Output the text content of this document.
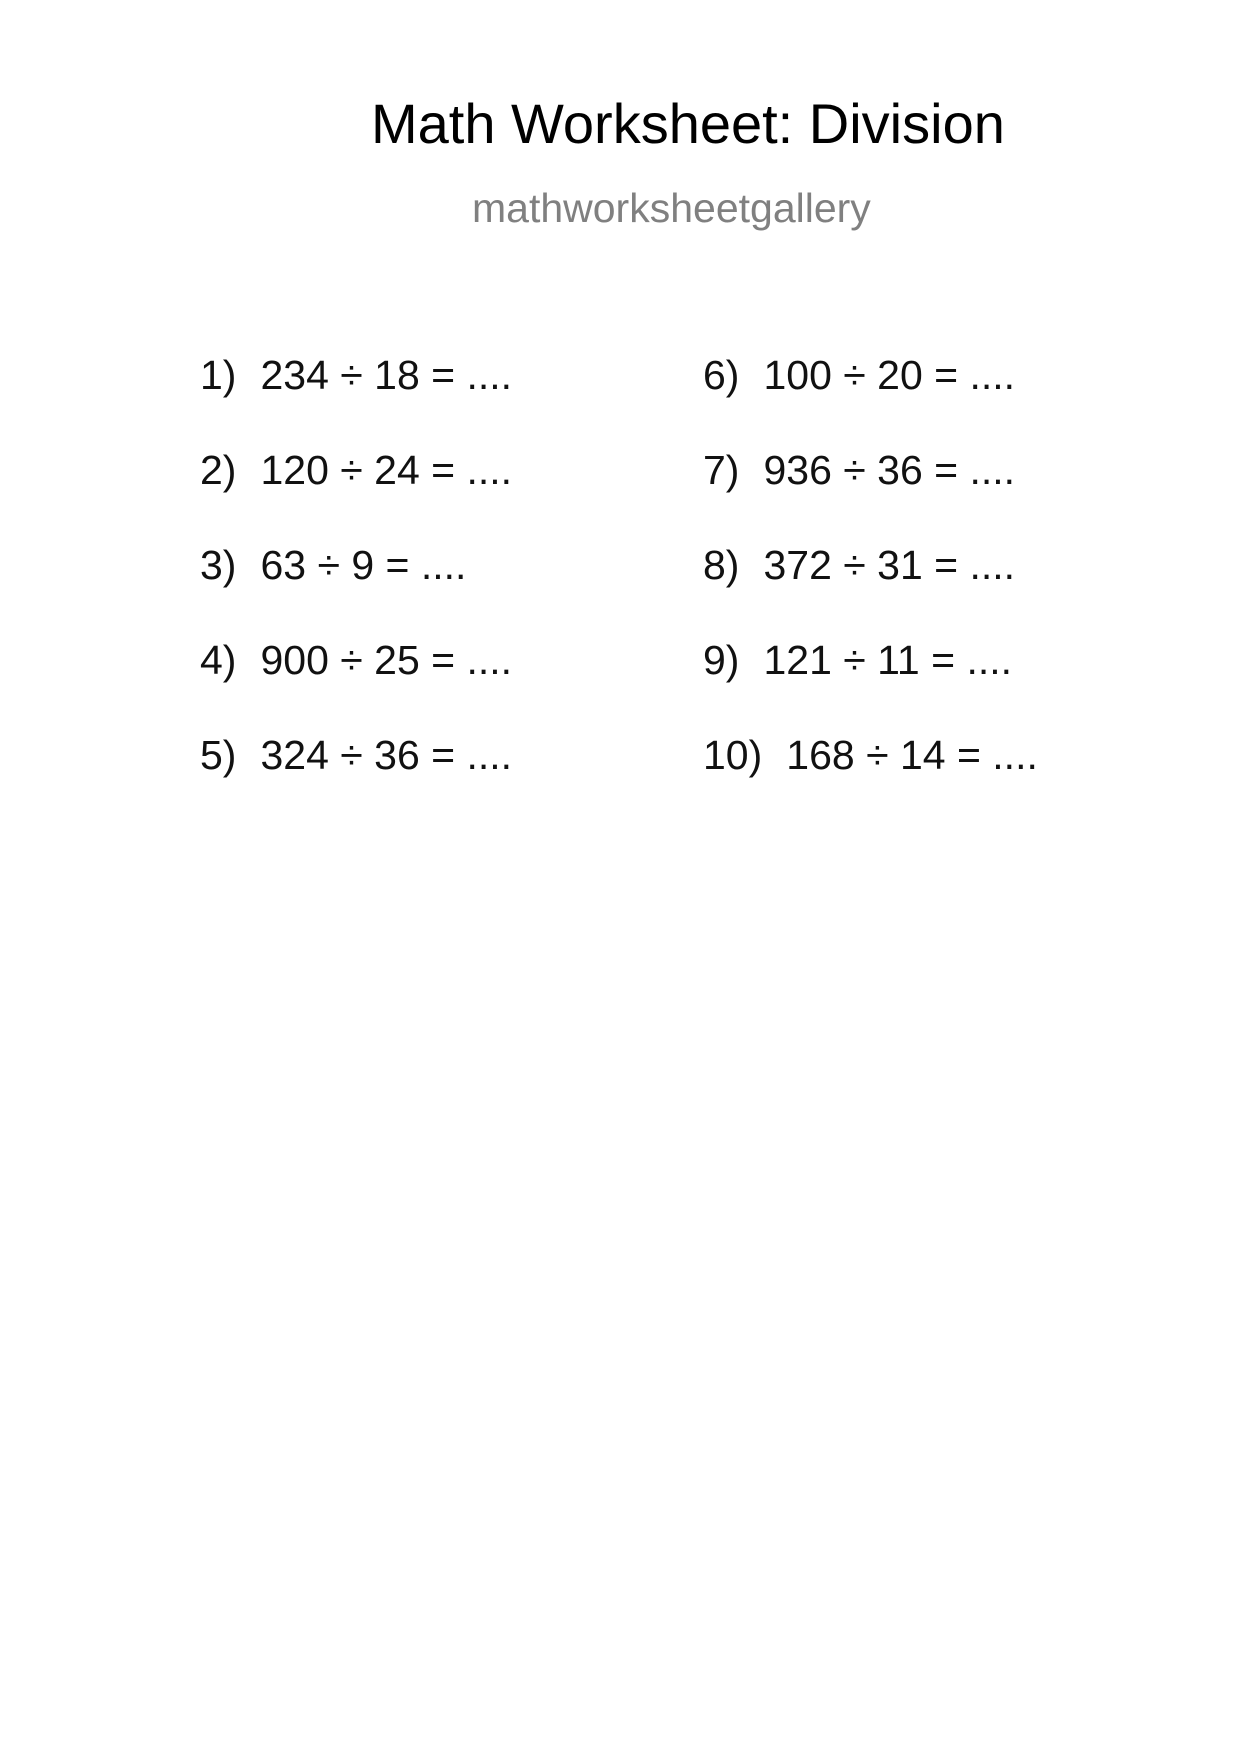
Math Worksheet: Division
mathworksheetgallery
1) 234 ÷ 18 = ....
2) 120 ÷ 24 = ....
3) 63 ÷ 9 = ....
4) 900 ÷ 25 = ....
5) 324 ÷ 36 = ....
6) 100 ÷ 20 = ....
7) 936 ÷ 36 = ....
8) 372 ÷ 31 = ....
9) 121 ÷ 11 = ....
10) 168 ÷ 14 = ....
